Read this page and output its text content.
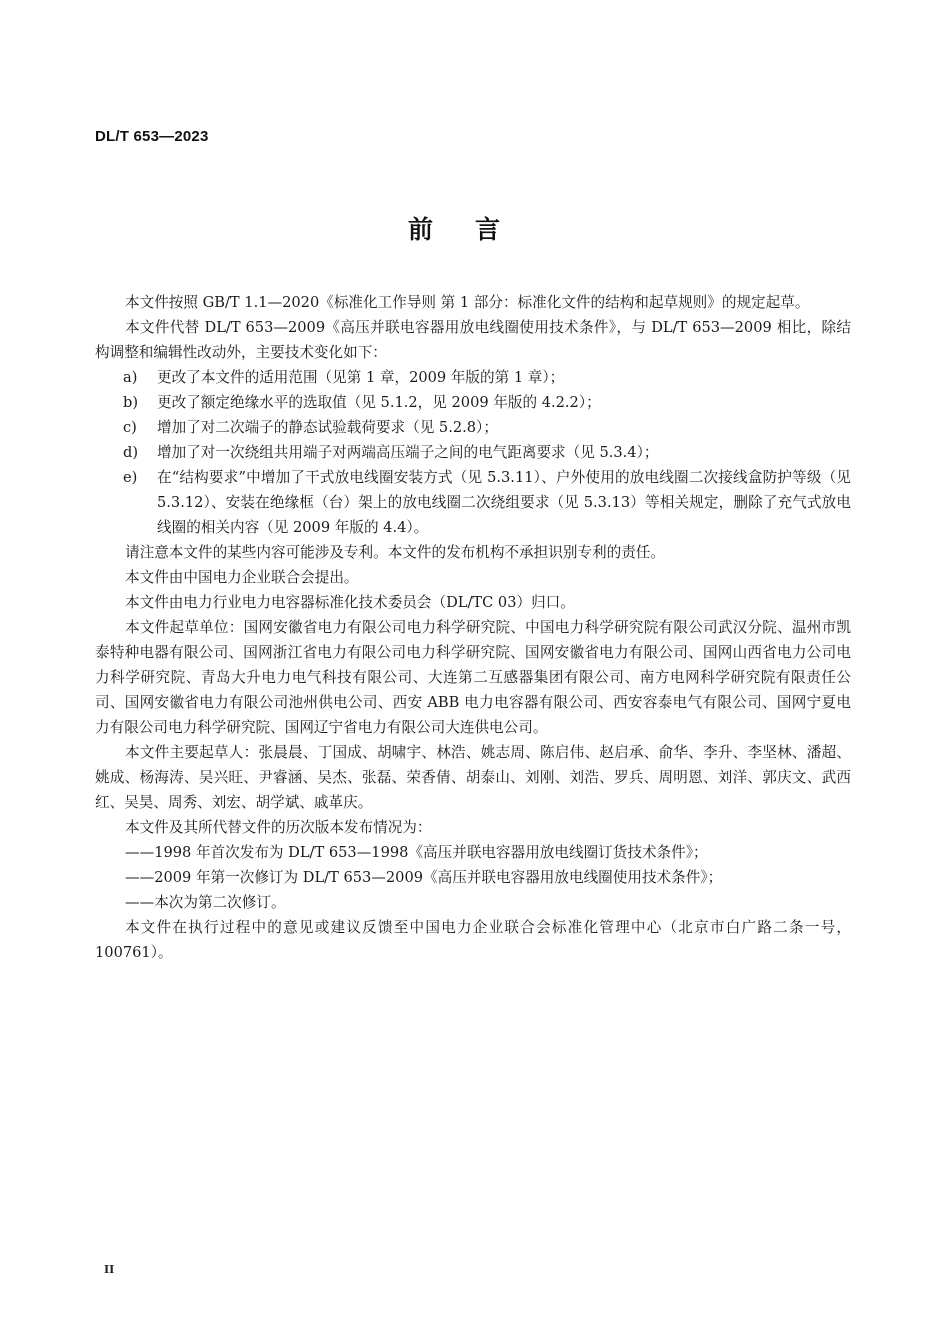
DL/T 653—2023
前言

本文件按照 GB/T 1.1—2020《标准化工作导则 第 1 部分：标准化文件的结构和起草规则》的规定起草。

本文件代替 DL/T 653—2009《高压并联电容器用放电线圈使用技术条件》，与 DL/T 653—2009 相比，除结构调整和编辑性改动外，主要技术变化如下：

a)	更改了本文件的适用范围（见第 1 章，2009 年版的第 1 章）；
b)	更改了额定绝缘水平的选取值（见 5.1.2，见 2009 年版的 4.2.2）；
c)	增加了对二次端子的静态试验载荷要求（见 5.2.8）；
d)	增加了对一次绕组共用端子对两端高压端子之间的电气距离要求（见 5.3.4）；
e)	在“结构要求”中增加了干式放电线圈安装方式（见 5.3.11）、户外使用的放电线圈二次接线盒防护等级（见 5.3.12）、安装在绝缘框（台）架上的放电线圈二次绕组要求（见 5.3.13）等相关规定，删除了充气式放电线圈的相关内容（见 2009 年版的 4.4）。

请注意本文件的某些内容可能涉及专利。本文件的发布机构不承担识别专利的责任。

本文件由中国电力企业联合会提出。

本文件由电力行业电力电容器标准化技术委员会（DL/TC 03）归口。

本文件起草单位：国网安徽省电力有限公司电力科学研究院、中国电力科学研究院有限公司武汉分院、温州市凯泰特种电器有限公司、国网浙江省电力有限公司电力科学研究院、国网安徽省电力有限公司、国网山西省电力公司电力科学研究院、青岛大升电力电气科技有限公司、大连第二互感器集团有限公司、南方电网科学研究院有限责任公司、国网安徽省电力有限公司池州供电公司、西安 ABB 电力电容器有限公司、西安容泰电气有限公司、国网宁夏电力有限公司电力科学研究院、国网辽宁省电力有限公司大连供电公司。

本文件主要起草人：张晨晨、丁国成、胡啸宇、林浩、姚志周、陈启伟、赵启承、俞华、李升、李坚林、潘超、姚成、杨海涛、吴兴旺、尹睿涵、吴杰、张磊、荣香倩、胡泰山、刘刚、刘浩、罗兵、周明恩、刘洋、郭庆文、武西红、吴昊、周秀、刘宏、胡学斌、戚革庆。

本文件及其所代替文件的历次版本发布情况为：

——1998 年首次发布为 DL/T 653—1998《高压并联电容器用放电线圈订货技术条件》；

——2009 年第一次修订为 DL/T 653—2009《高压并联电容器用放电线圈使用技术条件》；

——本次为第二次修订。

本文件在执行过程中的意见或建议反馈至中国电力企业联合会标准化管理中心（北京市白广路二条一号，100761）。

II
